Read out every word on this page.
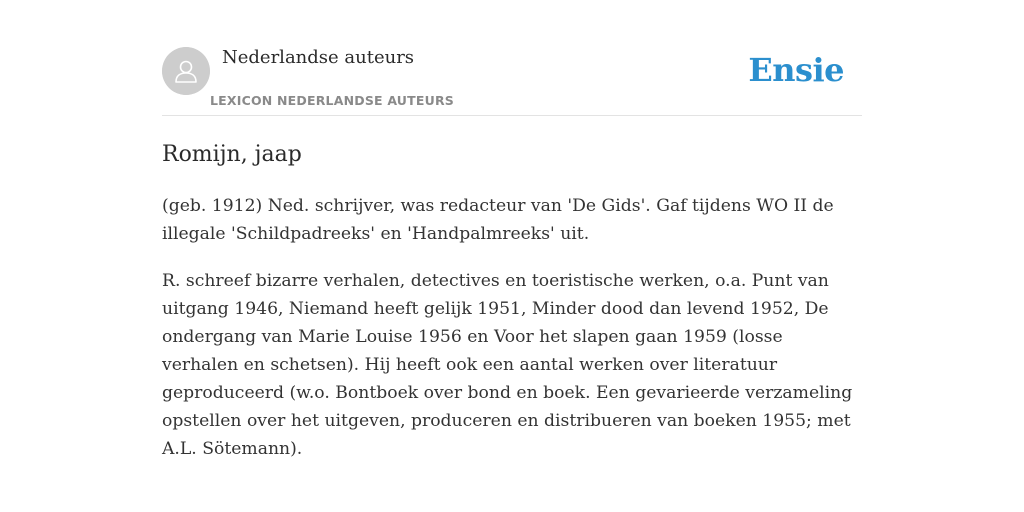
Nederlandse auteurs
LEXICON NEDERLANDSE AUTEURS
Ensie
Romijn, jaap

(geb. 1912) Ned. schrijver, was redacteur van 'De Gids'. Gaf tijdens WO II de illegale 'Schildpadreeks' en 'Handpalmreeks' uit.

R. schreef bizarre verhalen, detectives en toeristische werken, o.a. Punt van uitgang 1946, Niemand heeft gelijk 1951, Minder dood dan levend 1952, De ondergang van Marie Louise 1956 en Voor het slapen gaan 1959 (losse verhalen en schetsen). Hij heeft ook een aantal werken over literatuur geproduceerd (w.o. Bontboek over bond en boek. Een gevarieerde verzameling opstellen over het uitgeven, produceren en distribueren van boeken 1955; met A.L. Sötemann).
